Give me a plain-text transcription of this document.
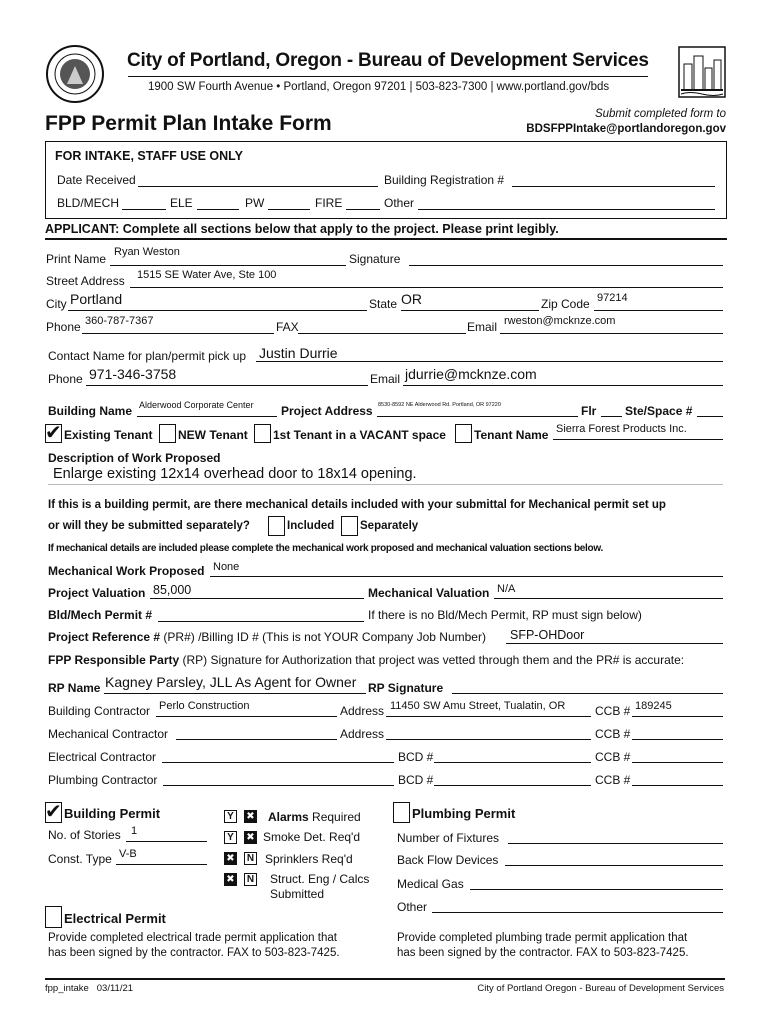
City of Portland, Oregon - Bureau of Development Services
1900 SW Fourth Avenue • Portland, Oregon 97201 | 503-823-7300 | www.portland.gov/bds
FPP Permit Plan Intake Form	Submit completed form to
BDSFPPIntake@portlandoregon.gov
FOR INTAKE, STAFF USE ONLY
Date Received	Building Registration #
BLD/MECH	ELE	PW	FIRE	Other
APPLICANT: Complete all sections below that apply to the project. Please print legibly.
Print Name Ryan Weston	Signature
Street Address 1515 SE Water Ave, Ste 100
City Portland	State OR	Zip Code 97214
Phone 360-787-7367	FAX	Email rweston@mcknze.com
Contact Name for plan/permit pick up Justin Durrie
Phone 971-346-3758	Email jdurrie@mcknze.com
Building Name Alderwood Corporate Center Project Address 8530-8592 NE Alderwood Rd. Portland, OR 97220	Flr Ste/Space #
✔ Existing Tenant NEW Tenant 1st Tenant in a VACANT space Tenant Name Sierra Forest Products Inc.
Description of Work Proposed
Enlarge existing 12x14 overhead door to 18x14 opening.
If this is a building permit, are there mechanical details included with your submittal for Mechanical permit set up
or will they be submitted separately?	Included Separately
If mechanical details are included please complete the mechanical work proposed and mechanical valuation sections below.
Mechanical Work Proposed None
Project Valuation 85,000	Mechanical Valuation N/A
Bld/Mech Permit #	If there is no Bld/Mech Permit, RP must sign below)
Project Reference # (PR#) /Billing ID # (This is not YOUR Company Job Number) SFP-OHDoor
FPP Responsible Party (RP) Signature for Authorization that project was vetted through them and the PR# is accurate:
RP Name Kagney Parsley, JLL As Agent for Owner RP Signature
Building Contractor Perlo Construction	Address 11450 SW Amu Street, Tualatin, OR CCB # 189245
Mechanical Contractor	Address	CCB #
Electrical Contractor	BCD #	CCB #
Plumbing Contractor	BCD #	CCB #
✔ Building Permit
No. of Stories 1
Const. Type V-B
Y	✖ Alarms Required
Y	✖ Smoke Det. Req'd
✖ N Sprinklers Req'd
✖ N Struct. Eng / Calcs
Submitted
Plumbing Permit
Number of Fixtures
Back Flow Devices
Medical Gas
Other
Electrical Permit
Provide completed electrical trade permit application that
has been signed by the contractor. FAX to 503-823-7425.
Provide completed plumbing trade permit application that
has been signed by the contractor. FAX to 503-823-7425.
fpp_intake   03/11/21	City of Portland Oregon - Bureau of Development Services
